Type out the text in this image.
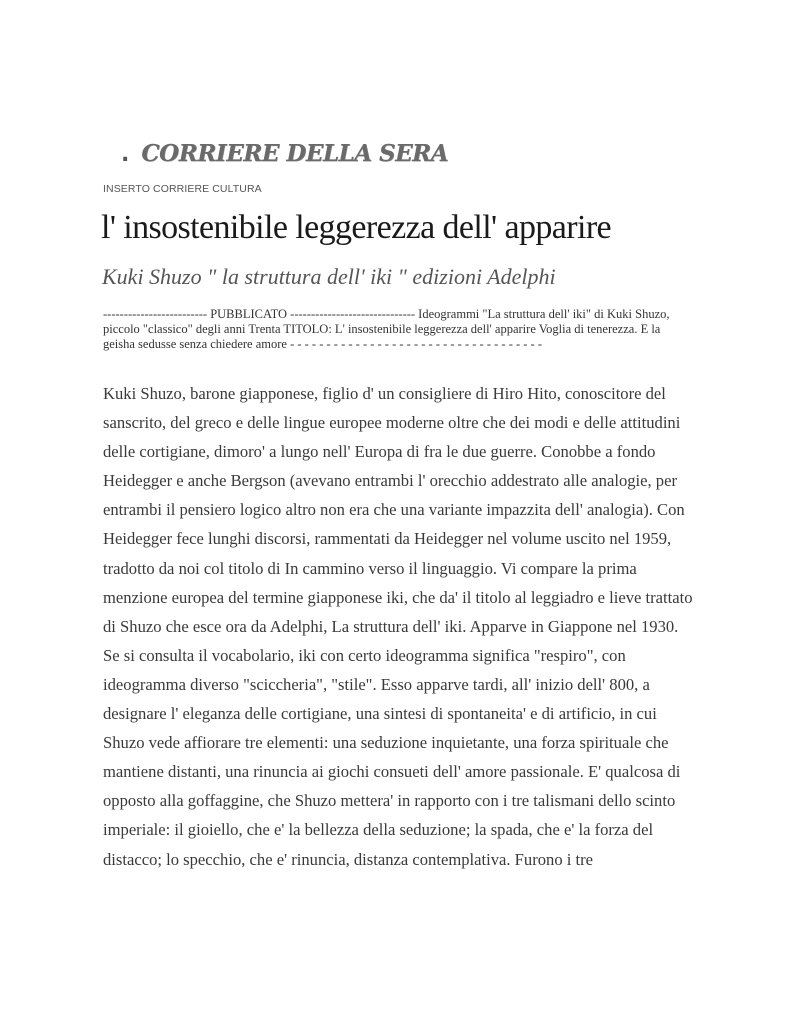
. CORRIERE DELLA SERA
INSERTO CORRIERE CULTURA
l' insostenibile leggerezza dell' apparire
Kuki Shuzo " la struttura dell' iki " edizioni Adelphi
------------------------- PUBBLICATO ------------------------------ Ideogrammi "La struttura dell' iki" di Kuki Shuzo, piccolo "classico" degli anni Trenta TITOLO: L' insostenibile leggerezza dell' apparire Voglia di tenerezza. E la geisha sedusse senza chiedere amore - - - - - - - - - - - - - - - - - - - - - - - - - - - - - - - - - - -

Kuki Shuzo, barone giapponese, figlio d' un consigliere di Hiro Hito, conoscitore del sanscrito, del greco e delle lingue europee moderne oltre che dei modi e delle attitudini delle cortigiane, dimoro' a lungo nell' Europa di fra le due guerre. Conobbe a fondo Heidegger e anche Bergson (avevano entrambi l' orecchio addestrato alle analogie, per entrambi il pensiero logico altro non era che una variante impazzita dell' analogia). Con Heidegger fece lunghi discorsi, rammentati da Heidegger nel volume uscito nel 1959, tradotto da noi col titolo di In cammino verso il linguaggio. Vi compare la prima menzione europea del termine giapponese iki, che da' il titolo al leggiadro e lieve trattato di Shuzo che esce ora da Adelphi, La struttura dell' iki. Apparve in Giappone nel 1930. Se si consulta il vocabolario, iki con certo ideogramma significa "respiro", con ideogramma diverso "sciccheria", "stile". Esso apparve tardi, all' inizio dell' 800, a designare l' eleganza delle cortigiane, una sintesi di spontaneita' e di artificio, in cui Shuzo vede affiorare tre elementi: una seduzione inquietante, una forza spirituale che mantiene distanti, una rinuncia ai giochi consueti dell' amore passionale. E' qualcosa di opposto alla goffaggine, che Shuzo mettera' in rapporto con i tre talismani dello scinto imperiale: il gioiello, che e' la bellezza della seduzione; la spada, che e' la forza del distacco; lo specchio, che e' rinuncia, distanza contemplativa. Furono i tre
